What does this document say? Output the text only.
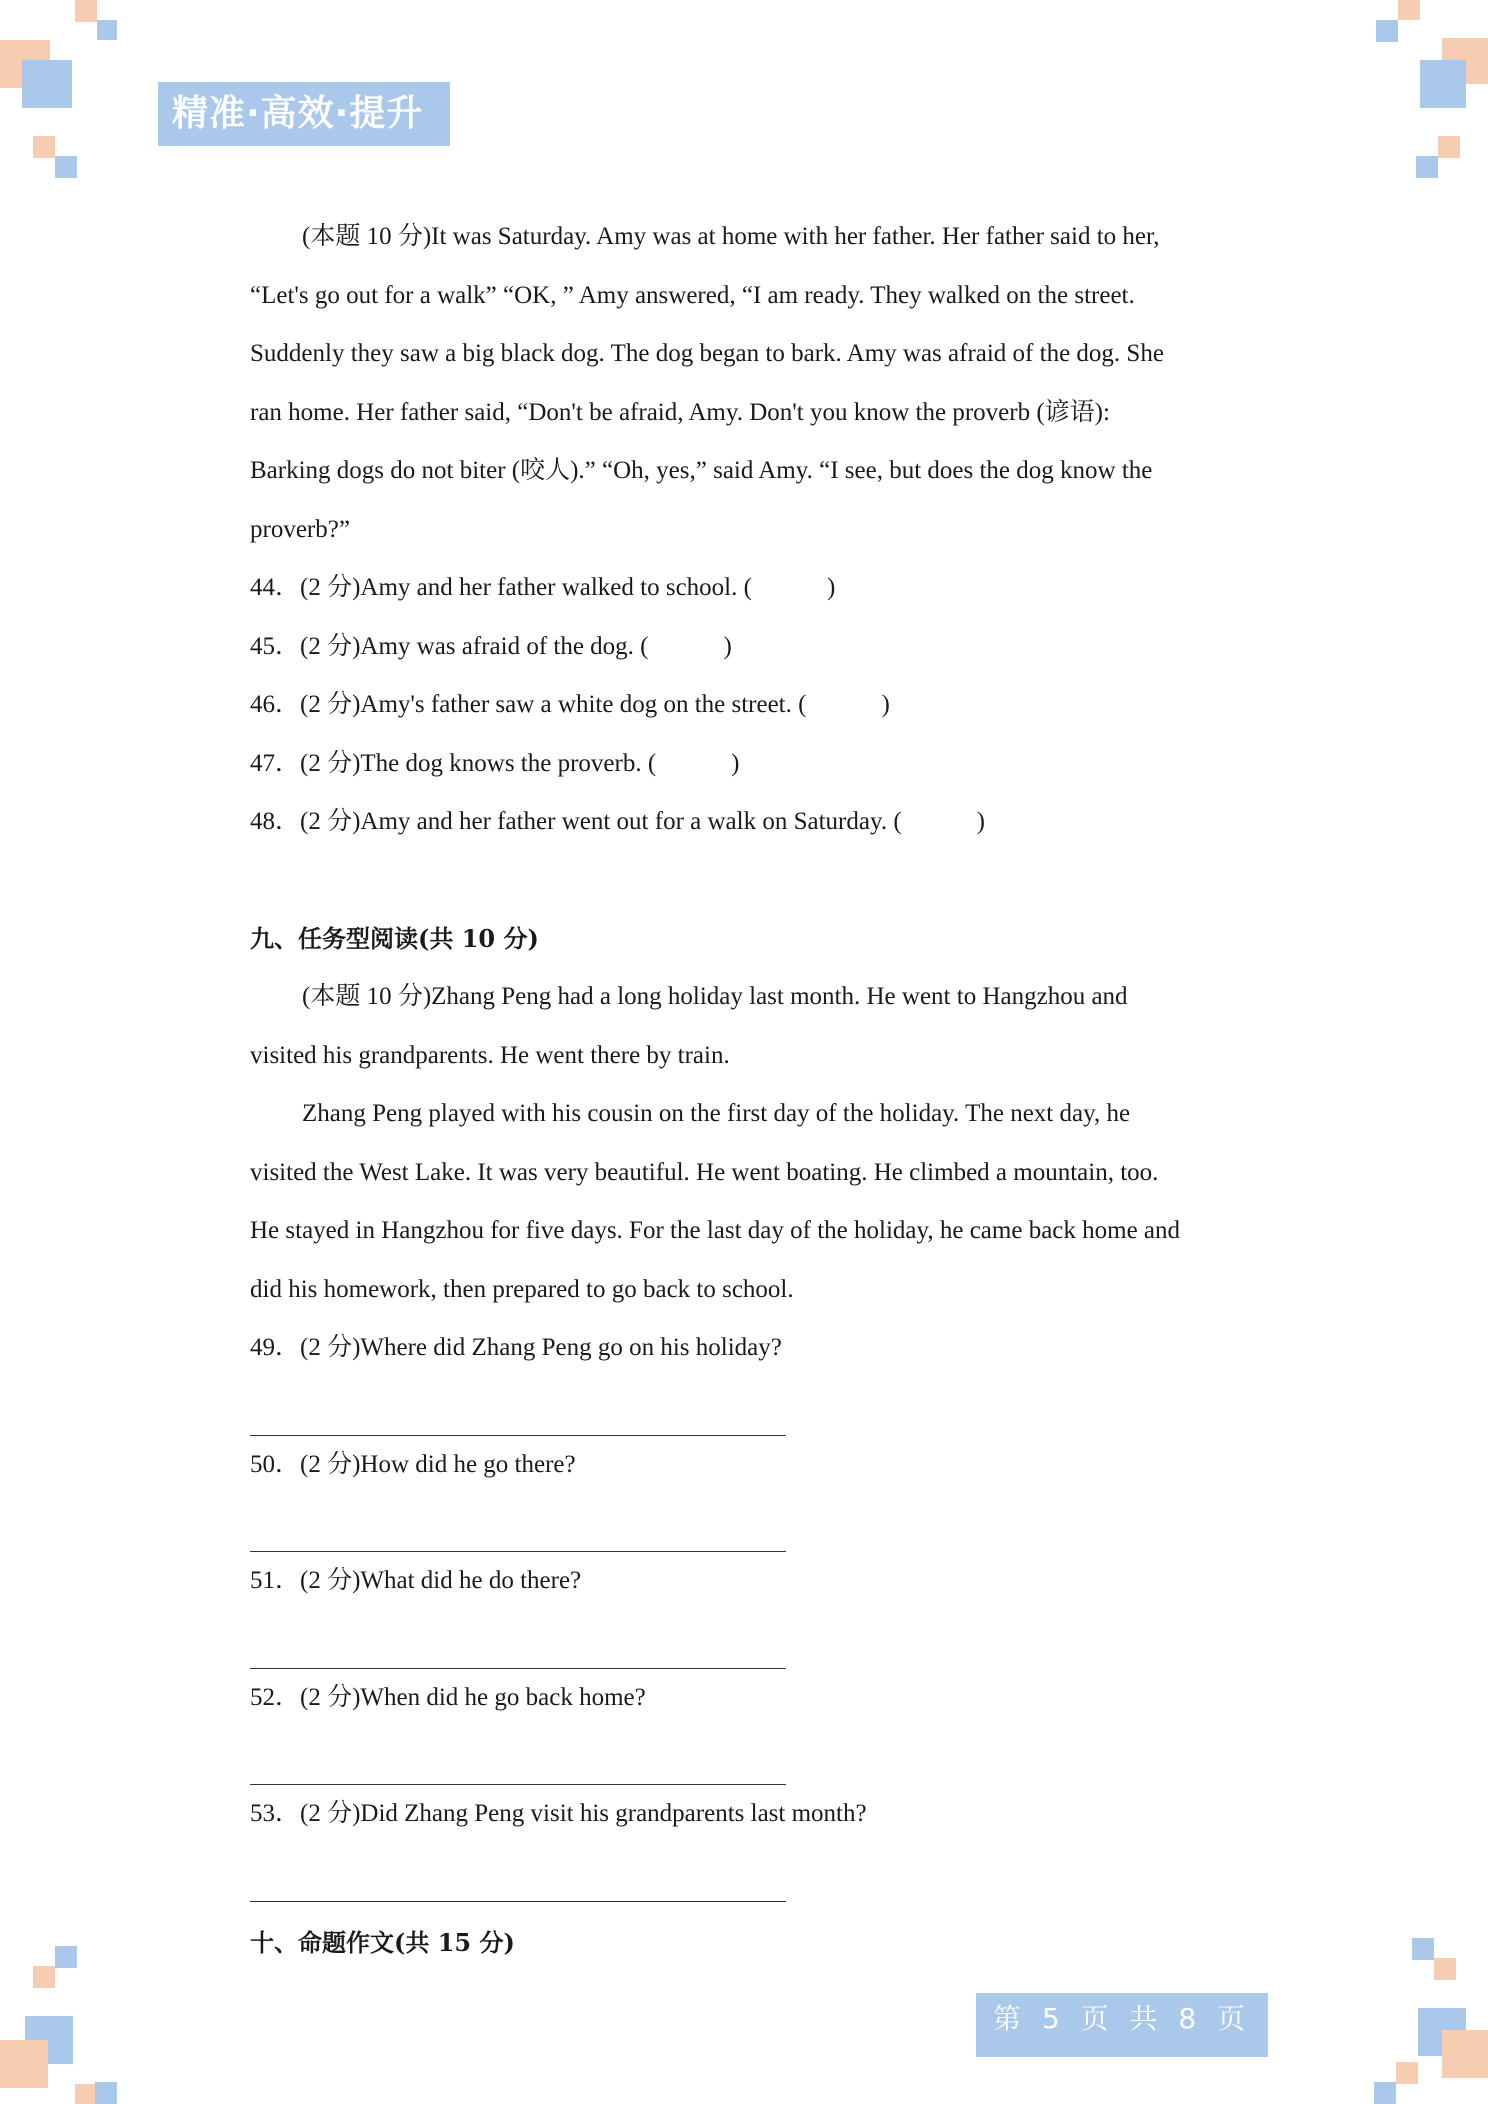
精准·高效·提升
(本题 10 分)It was Saturday. Amy was at home with her father. Her father said to her,
“Let's go out for a walk” “OK, ” Amy answered, “I am ready. They walked on the street.
Suddenly they saw a big black dog. The dog began to bark. Amy was afraid of the dog. She
ran home. Her father said, “Don't be afraid, Amy. Don't you know the proverb (谚语):
Barking dogs do not biter (咬人).” “Oh, yes,” said Amy. “I see, but does the dog know the
proverb?”
44．(2 分)Amy and her father walked to school. (　　　)
45．(2 分)Amy was afraid of the dog. (　　　)
46．(2 分)Amy's father saw a white dog on the street. (　　　)
47．(2 分)The dog knows the proverb. (　　　)
48．(2 分)Amy and her father went out for a walk on Saturday. (　　　)
九、任务型阅读(共 10 分)
(本题 10 分)Zhang Peng had a long holiday last month. He went to Hangzhou and
visited his grandparents. He went there by train.
Zhang Peng played with his cousin on the first day of the holiday. The next day, he
visited the West Lake. It was very beautiful. He went boating. He climbed a mountain, too.
He stayed in Hangzhou for five days. For the last day of the holiday, he came back home and
did his homework, then prepared to go back to school.
49．(2 分)Where did Zhang Peng go on his holiday?
50．(2 分)How did he go there?
51．(2 分)What did he do there?
52．(2 分)When did he go back home?
53．(2 分)Did Zhang Peng visit his grandparents last month?
十、命题作文(共 15 分)
第 5 页 共 8 页
